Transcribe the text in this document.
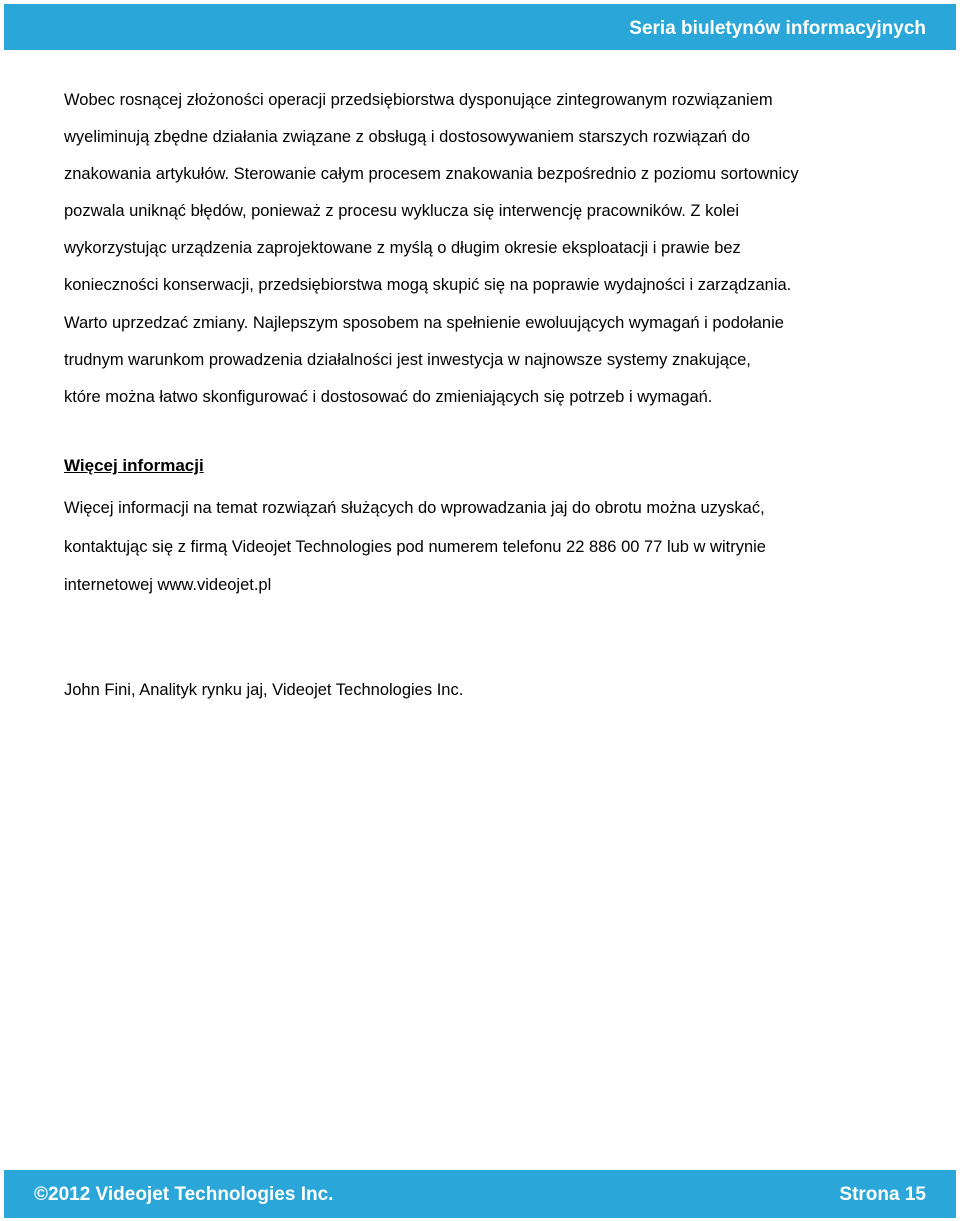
Seria biuletynów informacyjnych

Wobec rosnącej złożoności operacji przedsiębiorstwa dysponujące zintegrowanym rozwiązaniem
wyeliminują zbędne działania związane z obsługą i dostosowywaniem starszych rozwiązań do
znakowania artykułów. Sterowanie całym procesem znakowania bezpośrednio z poziomu sortownicy
pozwala uniknąć błędów, ponieważ z procesu wyklucza się interwencję pracowników. Z kolei
wykorzystując urządzenia zaprojektowane z myślą o długim okresie eksploatacji i prawie bez
konieczności konserwacji, przedsiębiorstwa mogą skupić się na poprawie wydajności i zarządzania.
Warto uprzedzać zmiany. Najlepszym sposobem na spełnienie ewoluujących wymagań i podołanie
trudnym warunkom prowadzenia działalności jest inwestycja w najnowsze systemy znakujące,
które można łatwo skonfigurować i dostosować do zmieniających się potrzeb i wymagań.

Więcej informacji

Więcej informacji na temat rozwiązań służących do wprowadzania jaj do obrotu można uzyskać,
kontaktując się z firmą Videojet Technologies pod numerem telefonu 22 886 00 77 lub w witrynie
internetowej www.videojet.pl

John Fini, Analityk rynku jaj, Videojet Technologies Inc.

©2012 Videojet Technologies Inc.	Strona 15
